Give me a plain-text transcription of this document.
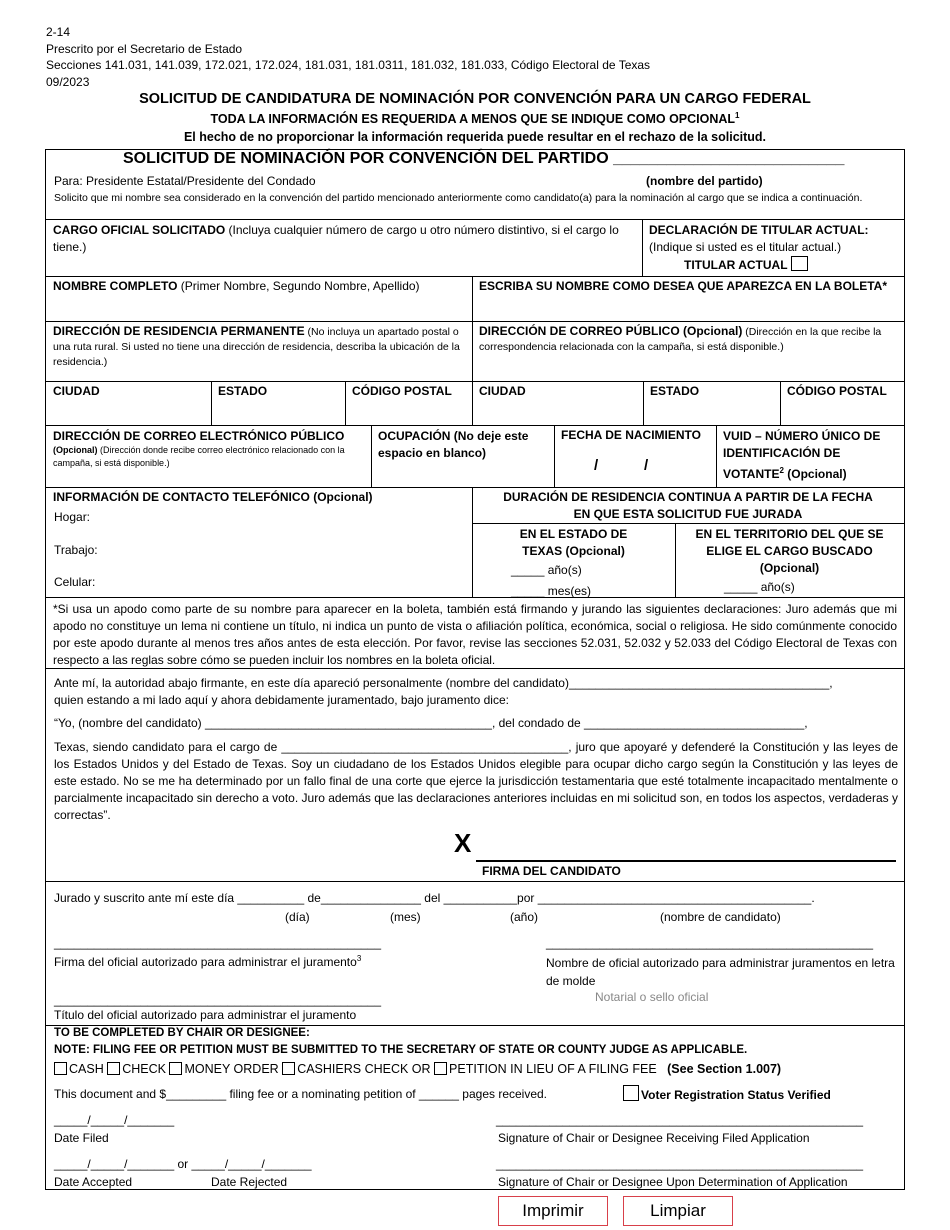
2-14
Prescrito por el Secretario de Estado
Secciones 141.031, 141.039, 172.021, 172.024, 181.031, 181.0311, 181.032, 181.033, Código Electoral de Texas
09/2023
SOLICITUD DE CANDIDATURA DE NOMINACIÓN POR CONVENCIÓN PARA UN CARGO FEDERAL
TODA LA INFORMACIÓN ES REQUERIDA A MENOS QUE SE INDIQUE COMO OPCIONAL$^1$
El hecho de no proporcionar la información requerida puede resultar en el rechazo de la solicitud.
SOLICITUD DE NOMINACIÓN POR CONVENCIÓN DEL PARTIDO __________________________
Para: Presidente Estatal/Presidente del Condado	(nombre del partido)
Solicito que mi nombre sea considerado en la convención del partido mencionado anteriormente como candidato(a) para la nominación al cargo que se indica a continuación.
CARGO OFICIAL SOLICITADO (Incluya cualquier número de cargo u otro número distintivo, si el cargo lo tiene.)
DECLARACIÓN DE TITULAR ACTUAL:
(Indique si usted es el titular actual.)
TITULAR ACTUAL
NOMBRE COMPLETO (Primer Nombre, Segundo Nombre, Apellido)	ESCRIBA SU NOMBRE COMO DESEA QUE APAREZCA EN LA BOLETA*
DIRECCIÓN DE RESIDENCIA PERMANENTE (No incluya un apartado postal o una ruta rural. Si usted no tiene una dirección de residencia, describa la ubicación de la residencia.)
DIRECCIÓN DE CORREO PÚBLICO (Opcional) (Dirección en la que recibe la correspondencia relacionada con la campaña, si está disponible.)
CIUDAD	ESTADO	CÓDIGO POSTAL	CIUDAD	ESTADO	CÓDIGO POSTAL
DIRECCIÓN DE CORREO ELECTRÓNICO PÚBLICO
(Opcional) (Dirección donde recibe correo electrónico relacionado con la campaña, si está disponible.)
OCUPACIÓN (No deje este espacio en blanco)
FECHA DE NACIMIENTO
/	/
VUID – NÚMERO ÚNICO DE IDENTIFICACIÓN DE VOTANTE$^2$ (Opcional)
INFORMACIÓN DE CONTACTO TELEFÓNICO (Opcional)
Hogar:
Trabajo:
Celular:
DURACIÓN DE RESIDENCIA CONTINUA A PARTIR DE LA FECHA EN QUE ESTA SOLICITUD FUE JURADA
EN EL ESTADO DE TEXAS (Opcional)
_____ año(s)
_____ mes(es)
EN EL TERRITORIO DEL QUE SE ELIGE EL CARGO BUSCADO (Opcional)
_____ año(s)
*Si usa un apodo como parte de su nombre para aparecer en la boleta, también está firmando y jurando las siguientes declaraciones: Juro además que mi apodo no constituye un lema ni contiene un título, ni indica un punto de vista o afiliación política, económica, social o religiosa. He sido comúnmente conocido por este apodo durante al menos tres años antes de esta elección. Por favor, revise las secciones 52.031, 52.032 y 52.033 del Código Electoral de Texas con respecto a las reglas sobre cómo se pueden incluir los nombres en la boleta oficial.
Ante mí, la autoridad abajo firmante, en este día apareció personalmente (nombre del candidato)_______________________________________,
quien estando a mi lado aquí y ahora debidamente juramentado, bajo juramento dice:
“Yo, (nombre del candidato) ___________________________________________, del condado de _________________________________,
Texas, siendo candidato para el cargo de ___________________________________________, juro que apoyaré y defenderé la Constitución y las leyes de los Estados Unidos y del Estado de Texas. Soy un ciudadano de los Estados Unidos elegible para ocupar dicho cargo según la Constitución y las leyes de este estado. No se me ha determinado por un fallo final de una corte que ejerce la jurisdicción testamentaria que esté totalmente incapacitado mentalmente o parcialmente incapacitado sin derecho a voto. Juro además que las declaraciones anteriores incluidas en mi solicitud son, en todos los aspectos, verdaderas y correctas”.
X
FIRMA DEL CANDIDATO
Jurado y suscrito ante mí este día __________ de_______________ del ___________por _________________________________________.
(día)	(mes)	(año)	(nombre de candidato)
_________________________________________________
Firma del oficial autorizado para administrar el juramento$^3$
_________________________________________________
Nombre de oficial autorizado para administrar juramentos en letra de molde
Notarial o sello oficial
_________________________________________________
Título del oficial autorizado para administrar el juramento
TO BE COMPLETED BY CHAIR OR DESIGNEE:
NOTE: FILING FEE OR PETITION MUST BE SUBMITTED TO THE SECRETARY OF STATE OR COUNTY JUDGE AS APPLICABLE.
CASH CHECK MONEY ORDER CASHIERS CHECK OR PETITION IN LIEU OF A FILING FEE (See Section 1.007)
This document and $_________ filing fee or a nominating petition of ______ pages received.	Voter Registration Status Verified
_____/_____/_______
Date Filed
_______________________________________________________
Signature of Chair or Designee Receiving Filed Application
_____/_____/_______ or _____/_____/_______
Date Accepted	Date Rejected
_______________________________________________________
Signature of Chair or Designee Upon Determination of Application
Imprimir	Limpiar
